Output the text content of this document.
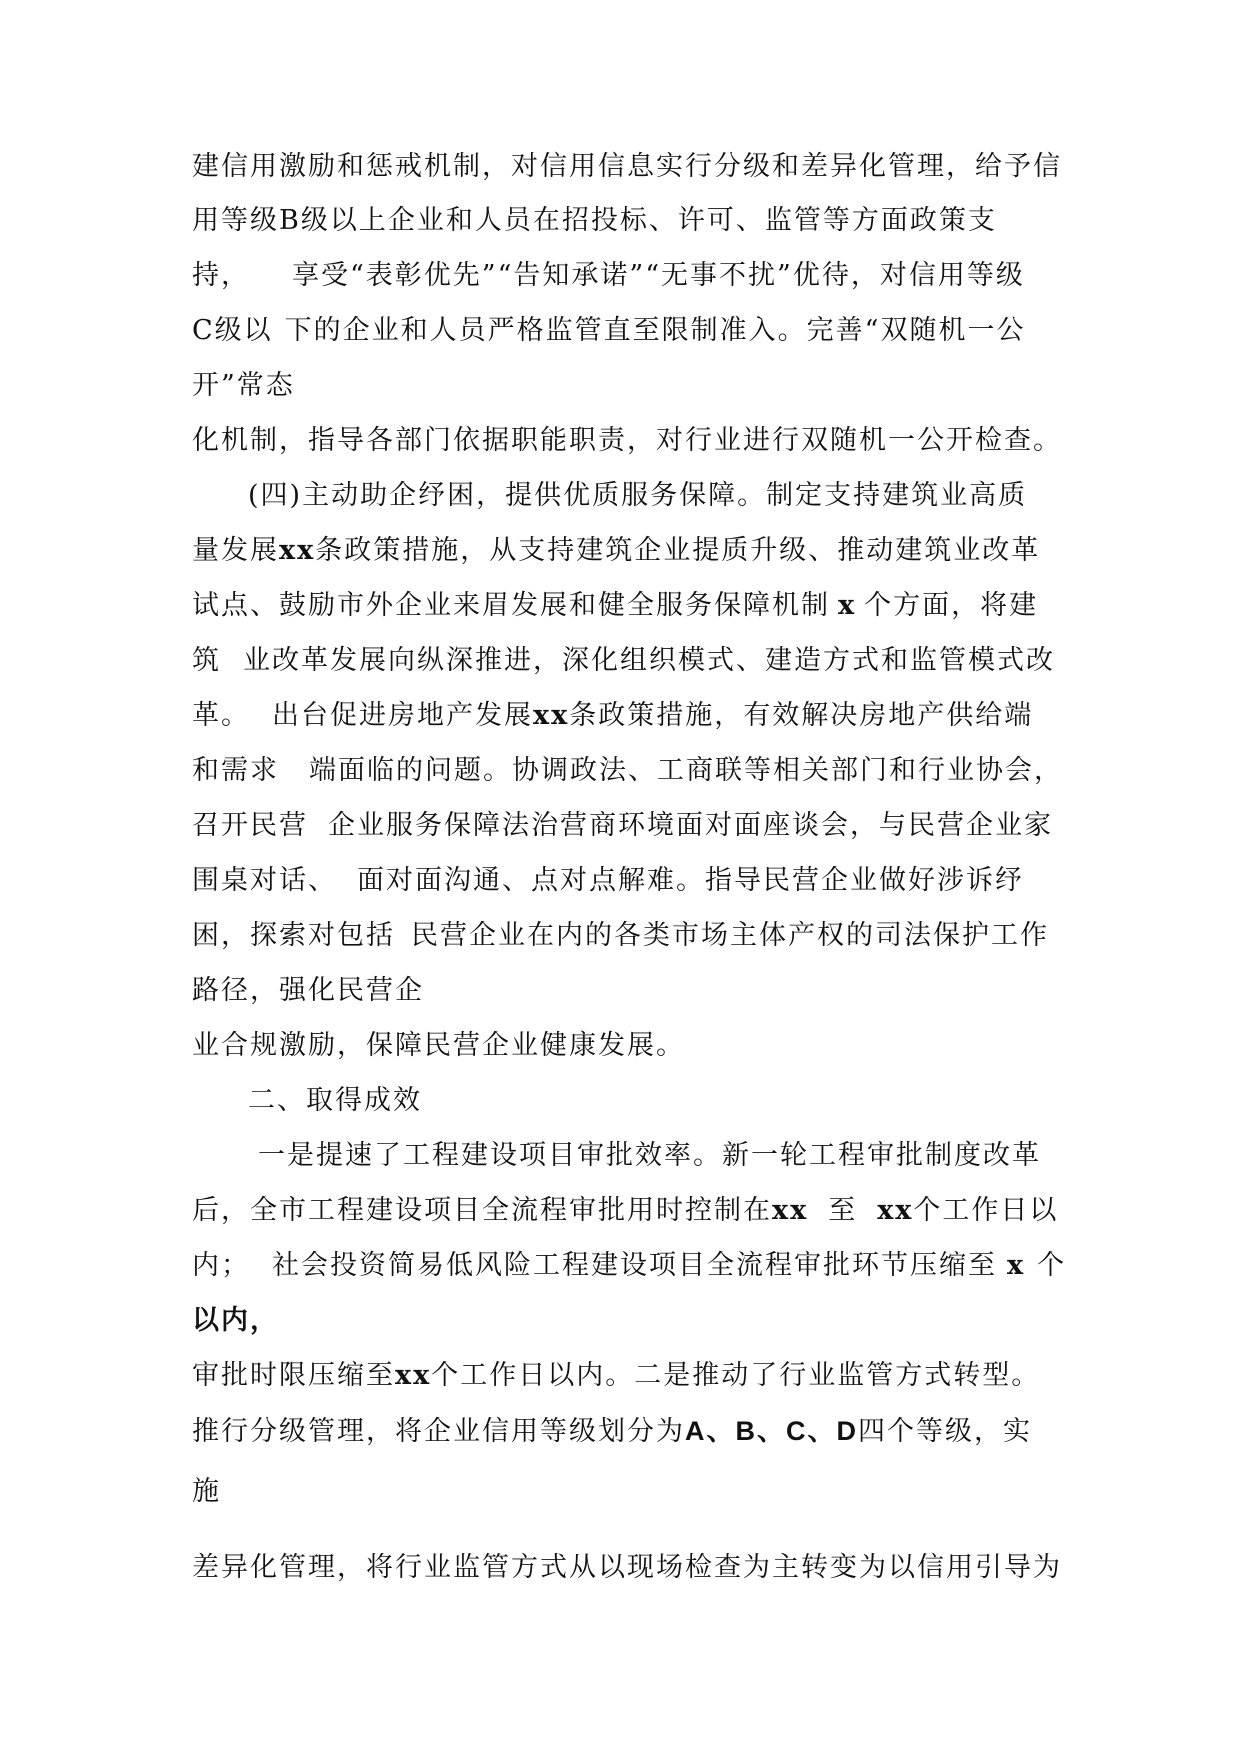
建信用激励和惩戒机制，对信用信息实行分级和差异化管理，给予信

用等级B级以上企业和人员在招投标、许可、监管等方面政策支

持， 享受“表彰优先”“告知承诺”“无事不扰”优待，对信用等级

C级以 下的企业和人员严格监管直至限制准入。完善“双随机一公

开”常态

化机制，指导各部门依据职能职责，对行业进行双随机一公开检查。

(四)主动助企纾困，提供优质服务保障。制定支持建筑业高质

量发展xx条政策措施，从支持建筑企业提质升级、推动建筑业改革

试点、鼓励市外企业来眉发展和健全服务保障机制 x 个方面，将建

筑 业改革发展向纵深推进，深化组织模式、建造方式和监管模式改

革。 出台促进房地产发展xx条政策措施，有效解决房地产供给端

和需求 端面临的问题。协调政法、工商联等相关部门和行业协会，

召开民营 企业服务保障法治营商环境面对面座谈会，与民营企业家

围桌对话、 面对面沟通、点对点解难。指导民营企业做好涉诉纾

困，探索对包括 民营企业在内的各类市场主体产权的司法保护工作

路径，强化民营企

业合规激励，保障民营企业健康发展。

二、取得成效

一是提速了工程建设项目审批效率。新一轮工程审批制度改革

后，全市工程建设项目全流程审批用时控制在xx 至 xx个工作日以

内； 社会投资简易低风险工程建设项目全流程审批环节压缩至 x 个

以内，

审批时限压缩至xx个工作日以内。二是推动了行业监管方式转型。

推行分级管理，将企业信用等级划分为A、B、C、D四个等级，实

施

差异化管理，将行业监管方式从以现场检查为主转变为以信用引导为
